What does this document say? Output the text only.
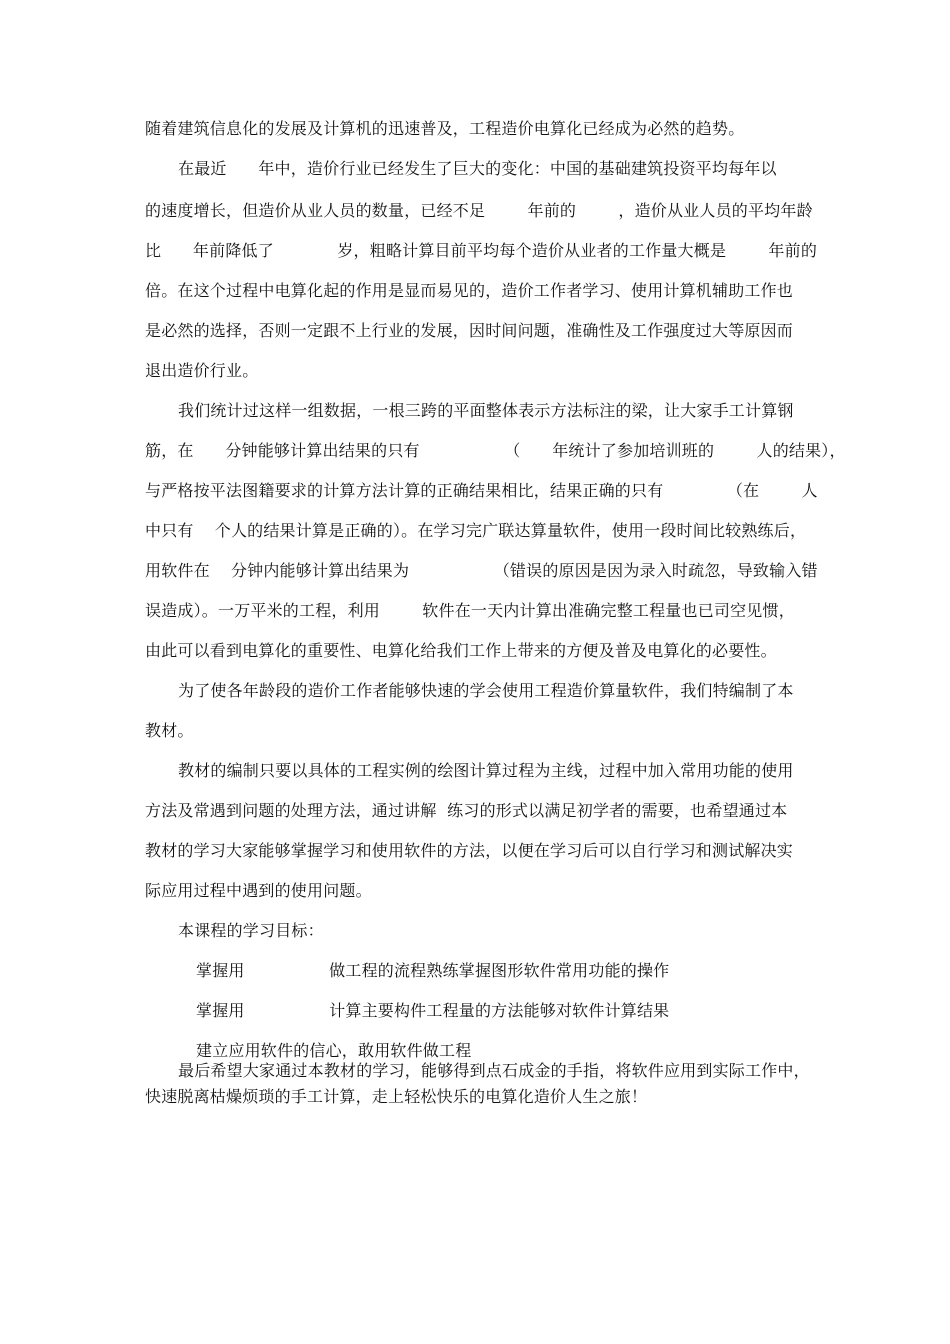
随着建筑信息化的发展及计算机的迅速普及，工程造价电算化已经成为必然的趋势。
在最近      年中，造价行业已经发生了巨大的变化：中国的基础建筑投资平均每年以
的速度增长，但造价从业人员的数量，已经不足        年前的        ，造价从业人员的平均年龄
比      年前降低了            岁，粗略计算目前平均每个造价从业者的工作量大概是        年前的
倍。在这个过程中电算化起的作用是显而易见的，造价工作者学习、使用计算机辅助工作也
是必然的选择，否则一定跟不上行业的发展，因时间问题，准确性及工作强度过大等原因而
退出造价行业。
我们统计过这样一组数据，一根三跨的平面整体表示方法标注的梁，让大家手工计算钢
筋，在      分钟能够计算出结果的只有                （      年统计了参加培训班的        人的结果），
与严格按平法图籍要求的计算方法计算的正确结果相比，结果正确的只有            （在        人
中只有    个人的结果计算是正确的）。在学习完广联达算量软件，使用一段时间比较熟练后，
用软件在    分钟内能够计算出结果为                （错误的原因是因为录入时疏忽，导致输入错
误造成）。一万平米的工程，利用        软件在一天内计算出准确完整工程量也已司空见惯，
由此可以看到电算化的重要性、电算化给我们工作上带来的方便及普及电算化的必要性。
为了使各年龄段的造价工作者能够快速的学会使用工程造价算量软件，我们特编制了本
教材。
教材的编制只要以具体的工程实例的绘图计算过程为主线，过程中加入常用功能的使用
方法及常遇到问题的处理方法，通过讲解  练习的形式以满足初学者的需要，也希望通过本
教材的学习大家能够掌握学习和使用软件的方法，以便在学习后可以自行学习和测试解决实
际应用过程中遇到的使用问题。
本课程的学习目标：
掌握用                做工程的流程熟练掌握图形软件常用功能的操作
掌握用                计算主要构件工程量的方法能够对软件计算结果
建立应用软件的信心，敢用软件做工程
最后希望大家通过本教材的学习，能够得到点石成金的手指，将软件应用到实际工作中，
快速脱离枯燥烦琐的手工计算，走上轻松快乐的电算化造价人生之旅！
